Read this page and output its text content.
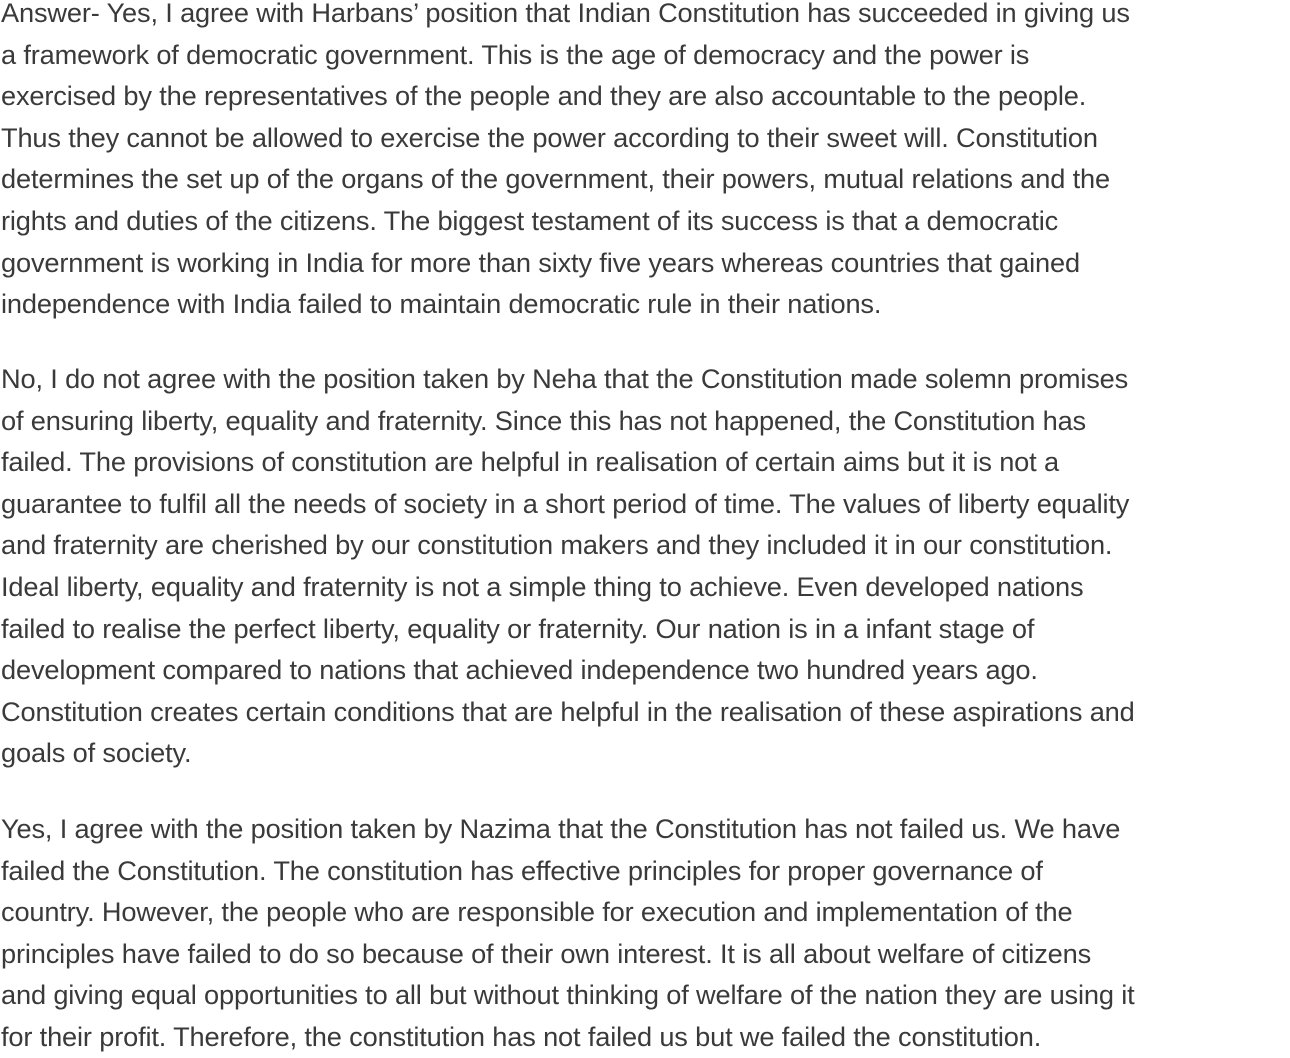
Answer- Yes, I agree with Harbans’ position that Indian Constitution has succeeded in giving us
a framework of democratic government. This is the age of democracy and the power is
exercised by the representatives of the people and they are also accountable to the people.
Thus they cannot be allowed to exercise the power according to their sweet will. Constitution
determines the set up of the organs of the government, their powers, mutual relations and the
rights and duties of the citizens. The biggest testament of its success is that a democratic
government is working in India for more than sixty five years whereas countries that gained
independence with India failed to maintain democratic rule in their nations.

No, I do not agree with the position taken by Neha that the Constitution made solemn promises
of ensuring liberty, equality and fraternity. Since this has not happened, the Constitution has
failed. The provisions of constitution are helpful in realisation of certain aims but it is not a
guarantee to fulfil all the needs of society in a short period of time. The values of liberty equality
and fraternity are cherished by our constitution makers and they included it in our constitution.
Ideal liberty, equality and fraternity is not a simple thing to achieve. Even developed nations
failed to realise the perfect liberty, equality or fraternity. Our nation is in a infant stage of
development compared to nations that achieved independence two hundred years ago.
Constitution creates certain conditions that are helpful in the realisation of these aspirations and
goals of society.

Yes, I agree with the position taken by Nazima that the Constitution has not failed us. We have
failed the Constitution. The constitution has effective principles for proper governance of
country. However, the people who are responsible for execution and implementation of the
principles have failed to do so because of their own interest. It is all about welfare of citizens
and giving equal opportunities to all but without thinking of welfare of the nation they are using it
for their profit. Therefore, the constitution has not failed us but we failed the constitution.
